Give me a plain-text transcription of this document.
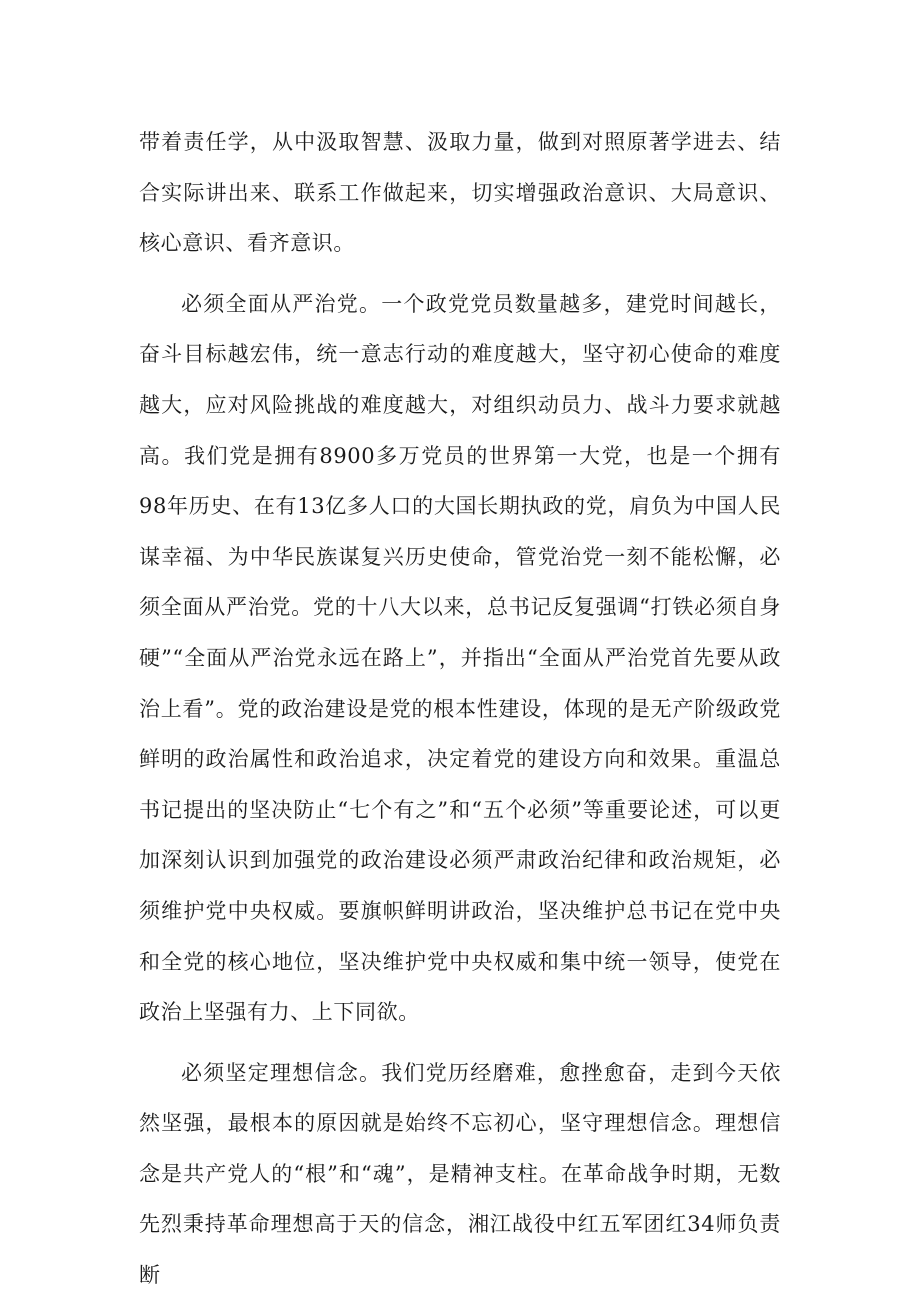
带着责任学，从中汲取智慧、汲取力量，做到对照原著学进去、结合实际讲出来、联系工作做起来，切实增强政治意识、大局意识、核心意识、看齐意识。

必须全面从严治党。一个政党党员数量越多，建党时间越长，奋斗目标越宏伟，统一意志行动的难度越大，坚守初心使命的难度越大，应对风险挑战的难度越大，对组织动员力、战斗力要求就越高。我们党是拥有8900多万党员的世界第一大党，也是一个拥有98年历史、在有13亿多人口的大国长期执政的党，肩负为中国人民谋幸福、为中华民族谋复兴历史使命，管党治党一刻不能松懈，必须全面从严治党。党的十八大以来，总书记反复强调“打铁必须自身硬”“全面从严治党永远在路上”，并指出“全面从严治党首先要从政治上看”。党的政治建设是党的根本性建设，体现的是无产阶级政党鲜明的政治属性和政治追求，决定着党的建设方向和效果。重温总书记提出的坚决防止“七个有之”和“五个必须”等重要论述，可以更加深刻认识到加强党的政治建设必须严肃政治纪律和政治规矩，必须维护党中央权威。要旗帜鲜明讲政治，坚决维护总书记在党中央和全党的核心地位，坚决维护党中央权威和集中统一领导，使党在政治上坚强有力、上下同欲。

必须坚定理想信念。我们党历经磨难，愈挫愈奋，走到今天依然坚强，最根本的原因就是始终不忘初心，坚守理想信念。理想信念是共产党人的“根”和“魂”，是精神支柱。在革命战争时期，无数先烈秉持革命理想高于天的信念，湘江战役中红五军团红34师负责断
